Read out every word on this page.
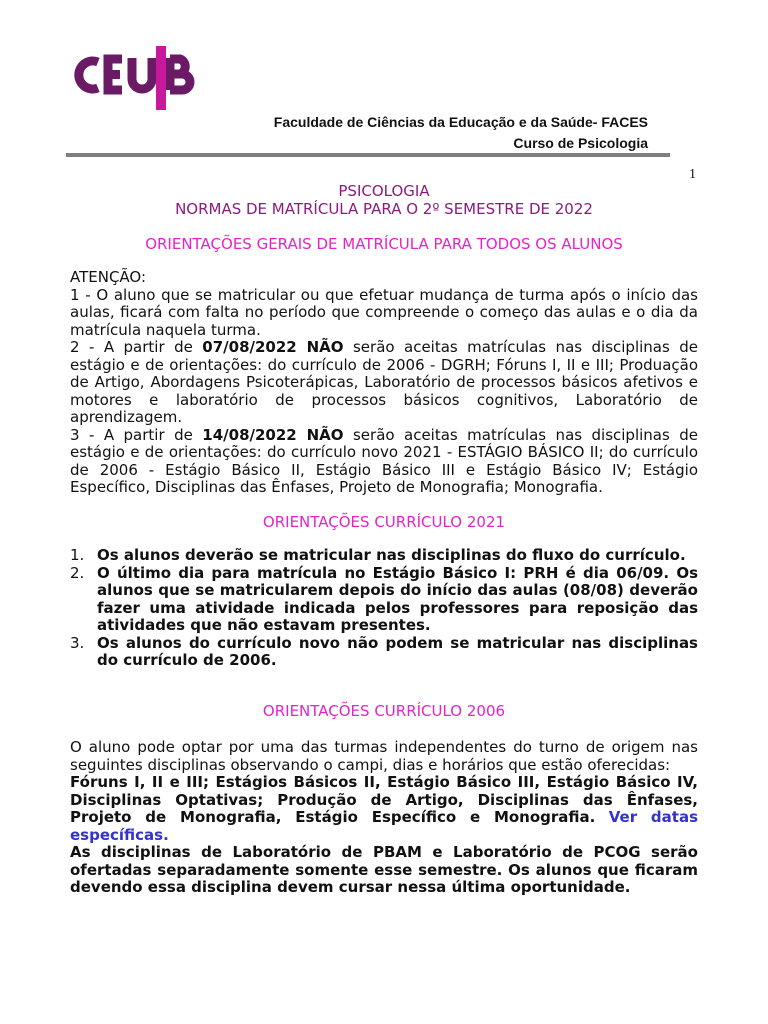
CEUB
Faculdade de Ciências da Educação e da Saúde- FACES
Curso de Psicologia
1
PSICOLOGIA
NORMAS DE MATRÍCULA PARA O 2º SEMESTRE DE 2022
ORIENTAÇÕES GERAIS DE MATRÍCULA PARA TODOS OS ALUNOS

ATENÇÃO:

1 - O aluno que se matricular ou que efetuar mudança de turma após o início das aulas, ficará com falta no período que compreende o começo das aulas e o dia da matrícula naquela turma.

2 - A partir de 07/08/2022 NÃO serão aceitas matrículas nas disciplinas de estágio e de orientações: do currículo de 2006 - DGRH; Fóruns I, II e III; Produação de Artigo, Abordagens Psicoterápicas, Laboratório de processos básicos afetivos e motores e laboratório de processos básicos cognitivos, Laboratório de aprendizagem.

3 - A partir de 14/08/2022 NÃO serão aceitas matrículas nas disciplinas de estágio e de orientações: do currículo novo 2021 - ESTÁGIO BÁSICO II; do currículo de 2006 - Estágio Básico II, Estágio Básico III e Estágio Básico IV; Estágio Específico, Disciplinas das Ênfases, Projeto de Monografia; Monografia.

ORIENTAÇÕES CURRÍCULO 2021
1. Os alunos deverão se matricular nas disciplinas do fluxo do currículo.
2. O último dia para matrícula no Estágio Básico I: PRH é dia 06/09. Os alunos que se matricularem depois do início das aulas (08/08) deverão fazer uma atividade indicada pelos professores para reposição das atividades que não estavam presentes.
3. Os alunos do currículo novo não podem se matricular nas disciplinas do currículo de 2006.
ORIENTAÇÕES CURRÍCULO 2006

O aluno pode optar por uma das turmas independentes do turno de origem nas seguintes disciplinas observando o campi, dias e horários que estão oferecidas:

Fóruns I, II e III; Estágios Básicos II, Estágio Básico III, Estágio Básico IV, Disciplinas Optativas; Produção de Artigo, Disciplinas das Ênfases, Projeto de Monografia, Estágio Específico e Monografia. Ver datas específicas.

As disciplinas de Laboratório de PBAM e Laboratório de PCOG serão ofertadas separadamente somente esse semestre. Os alunos que ficaram devendo essa disciplina devem cursar nessa última oportunidade.
